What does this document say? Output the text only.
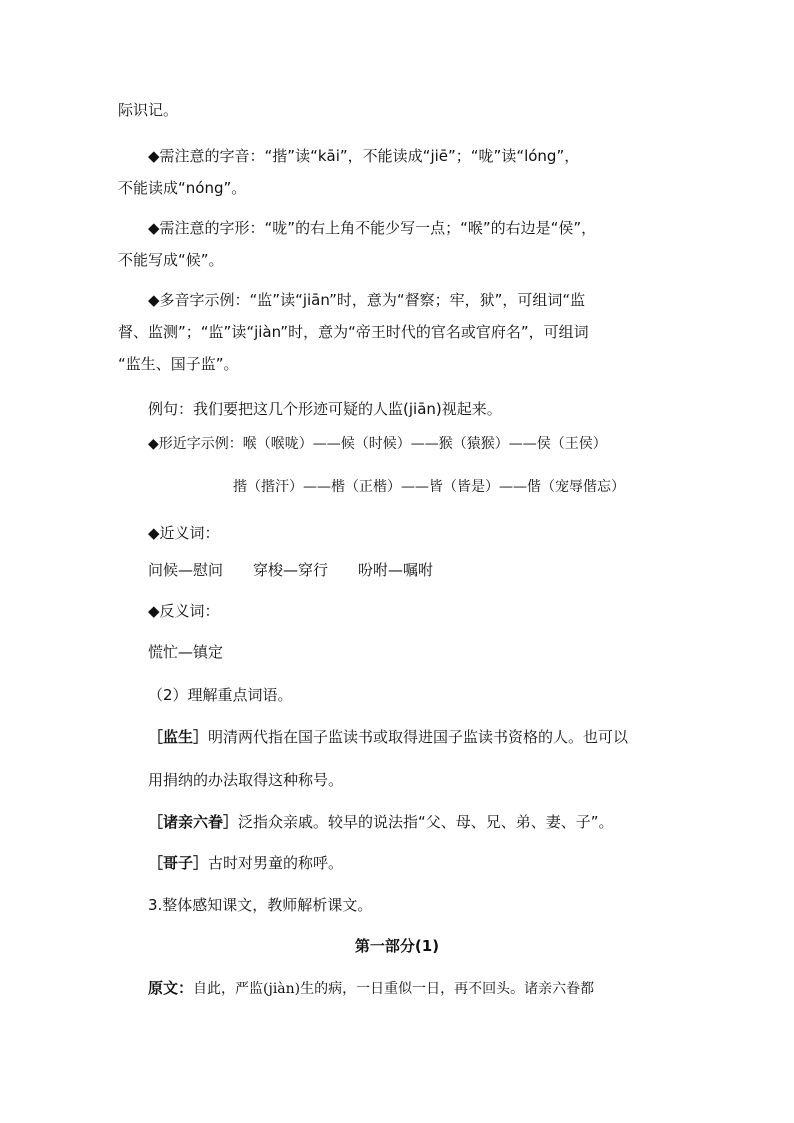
际识记。
◆需注意的字音：“揩”读“kāi”，不能读成“jiē”；“咙”读“lóng”，
不能读成“nóng”。
◆需注意的字形：“咙”的右上角不能少写一点；“喉”的右边是“侯”，
不能写成“候”。
◆多音字示例：“监”读“jiān”时，意为“督察；牢，狱”，可组词“监
督、监测”；“监”读“jiàn”时，意为“帝王时代的官名或官府名”，可组词
“监生、国子监”。
例句：我们要把这几个形迹可疑的人监(jiān)视起来。
◆形近字示例：喉（喉咙）——候（时候）——猴（猿猴）——侯（王侯）
揩（揩汗）——楷（正楷）——皆（皆是）——偕（宠辱偕忘）
◆近义词：
问候—慰问　　穿梭—穿行　　吩咐—嘱咐
◆反义词：
慌忙—镇定
（2）理解重点词语。
［监生］明清两代指在国子监读书或取得进国子监读书资格的人。也可以
用捐纳的办法取得这种称号。
［诸亲六眷］泛指众亲戚。较早的说法指“父、母、兄、弟、妻、子”。
［哥子］古时对男童的称呼。
3.整体感知课文，教师解析课文。
第一部分(1)
原文：自此，严监(jiàn)生的病，一日重似一日，再不回头。诸亲六眷都
